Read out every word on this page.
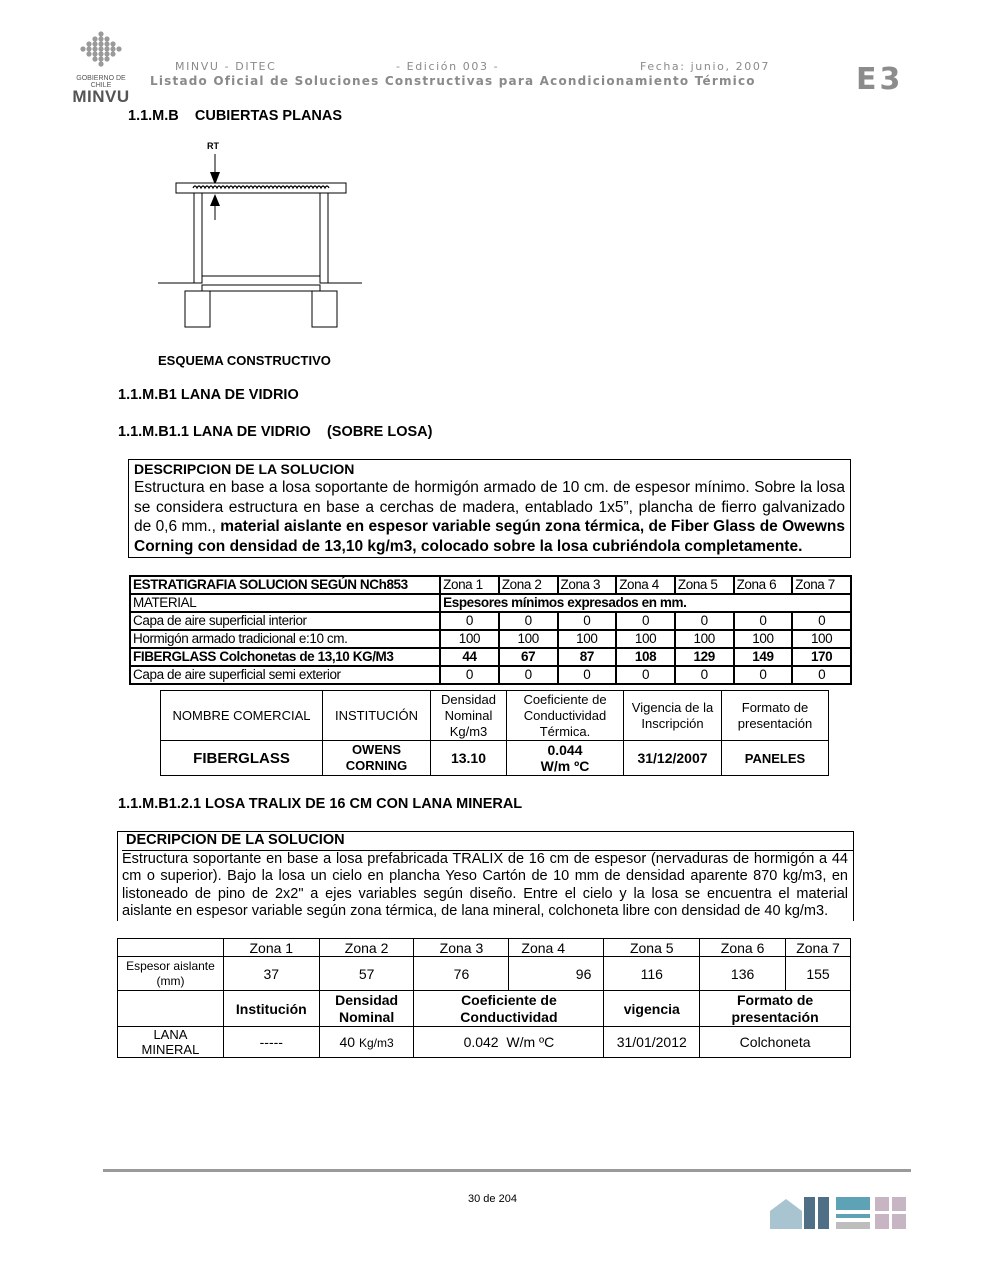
GOBIERNO DE CHILE
MINVU
MINVU - DITEC	- Edición 003 -	Fecha: junio, 2007
Listado Oficial de Soluciones Constructivas para Acondicionamiento Térmico	E3
1.1.M.B    CUBIERTAS PLANAS
RT
ESQUEMA CONSTRUCTIVO
1.1.M.B1 LANA DE VIDRIO
1.1.M.B1.1 LANA DE VIDRIO    (SOBRE LOSA)
DESCRIPCION DE LA SOLUCION
Estructura en base a losa soportante de hormigón armado de 10 cm. de espesor mínimo. Sobre la losa se considera estructura en base a cerchas de madera, entablado 1x5”, plancha de fierro galvanizado de 0,6 mm., material aislante en espesor variable según zona térmica, de Fiber Glass de Owewns Corning con densidad de 13,10 kg/m3, colocado sobre la losa cubriéndola completamente.
ESTRATIGRAFIA SOLUCION SEGÚN NCh853	Zona 1	Zona 2	Zona 3	Zona 4	Zona 5	Zona 6	Zona 7
MATERIAL	Espesores mínimos expresados en mm.						
Capa de aire superficial interior	0	0	0	0	0	0	0
Hormigón armado tradicional e:10 cm.	100	100	100	100	100	100	100
FIBERGLASS Colchonetas de 13,10 KG/M3	44	67	87	108	129	149	170
Capa de aire superficial semi exterior	0	0	0	0	0	0	0
NOMBRE COMERCIAL	INSTITUCIÓN	Densidad Nominal Kg/m3	Coeficiente de Conductividad Térmica.	Vigencia de la Inscripción	Formato de presentación
FIBERGLASS	OWENS CORNING	13.10	0.044 W/m ºC	31/12/2007	PANELES
1.1.M.B1.2.1 LOSA TRALIX DE 16 CM CON LANA MINERAL
DECRIPCION DE LA SOLUCION
Estructura soportante en base a losa prefabricada TRALIX de 16 cm de espesor (nervaduras de hormigón a 44 cm o superior). Bajo la losa un cielo en plancha Yeso Cartón de 10 mm de densidad aparente 870 kg/m3, en listoneado de pino de 2x2" a ejes variables según diseño. Entre el cielo y la losa se encuentra el material aislante en espesor variable según zona térmica, de lana mineral, colchoneta libre con densidad de 40 kg/m3.
	Zona 1	Zona 2	Zona 3	Zona 4	Zona 5	Zona 6	Zona 7
Espesor aislante (mm)	37	57	76	96	116	136	155
	Institución	Densidad Nominal	Coeficiente de Conductividad		vigencia	Formato de presentación	
LANA MINERAL	-----	40 Kg/m3	0.042  W/m ºC		31/01/2012	Colchoneta	
30 de 204
